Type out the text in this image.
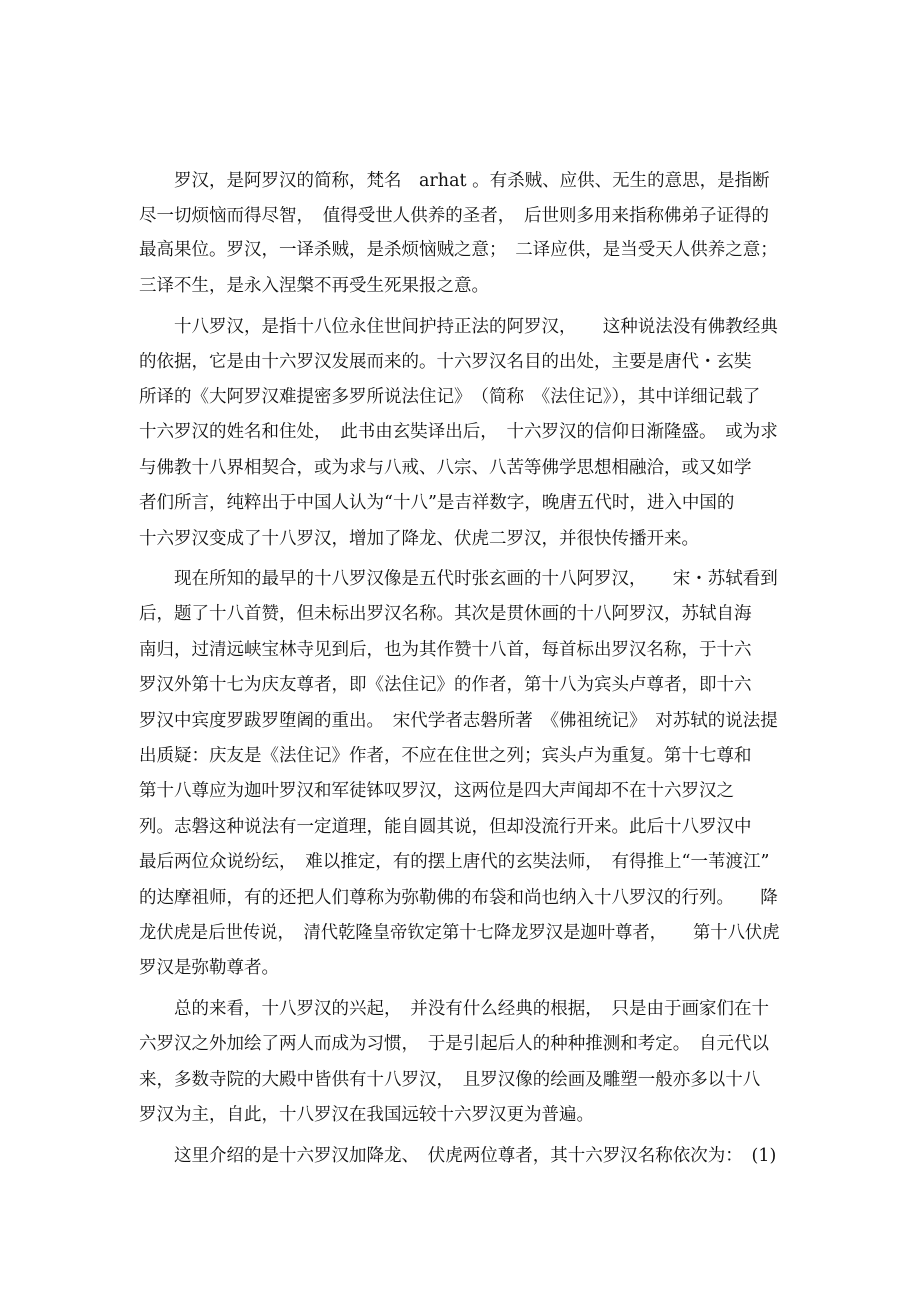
　　罗汉，是阿罗汉的简称，梵名　arhat 。有杀贼、应供、无生的意思，是指断
尽一切烦恼而得尽智，　值得受世人供养的圣者，　后世则多用来指称佛弟子证得的
最高果位。罗汉，一译杀贼，是杀烦恼贼之意；　二译应供，是当受天人供养之意；
三译不生，是永入涅槃不再受生死果报之意。
　　十八罗汉，是指十八位永住世间护持正法的阿罗汉，　　这种说法没有佛教经典
的依据，它是由十六罗汉发展而来的。十六罗汉名目的出处，主要是唐代・玄奘
所译的《大阿罗汉难提密多罗所说法住记》　（简称　《法住记》），其中详细记载了
十六罗汉的姓名和住处，　此书由玄奘译出后，　十六罗汉的信仰日渐隆盛。　或为求
与佛教十八界相契合，或为求与八戒、八宗、八苦等佛学思想相融洽，或又如学
者们所言，纯粹出于中国人认为“十八”是吉祥数字，晚唐五代时，进入中国的
十六罗汉变成了十八罗汉，增加了降龙、伏虎二罗汉，并很快传播开来。
　　现在所知的最早的十八罗汉像是五代时张玄画的十八阿罗汉，　　宋・苏轼看到
后，题了十八首赞，但未标出罗汉名称。其次是贯休画的十八阿罗汉，苏轼自海
南归，过清远峡宝林寺见到后，也为其作赞十八首，每首标出罗汉名称，于十六
罗汉外第十七为庆友尊者，即《法住记》的作者，第十八为宾头卢尊者，即十六
罗汉中宾度罗跋罗堕阇的重出。　宋代学者志磐所著　《佛祖统记》　对苏轼的说法提
出质疑：庆友是《法住记》作者，不应在住世之列；宾头卢为重复。第十七尊和
第十八尊应为迦叶罗汉和军徒钵叹罗汉，这两位是四大声闻却不在十六罗汉之
列。志磐这种说法有一定道理，能自圆其说，但却没流行开来。此后十八罗汉中
最后两位众说纷纭，　难以推定，有的摆上唐代的玄奘法师，　有得推上“一苇渡江”
的达摩祖师，有的还把人们尊称为弥勒佛的布袋和尚也纳入十八罗汉的行列。　　降
龙伏虎是后世传说，　清代乾隆皇帝钦定第十七降龙罗汉是迦叶尊者，　　第十八伏虎
罗汉是弥勒尊者。
　　总的来看，十八罗汉的兴起，　并没有什么经典的根据，　只是由于画家们在十
六罗汉之外加绘了两人而成为习惯，　于是引起后人的种种推测和考定。　自元代以
来，多数寺院的大殿中皆供有十八罗汉，　且罗汉像的绘画及雕塑一般亦多以十八
罗汉为主，自此，十八罗汉在我国远较十六罗汉更为普遍。
　　这里介绍的是十六罗汉加降龙、　伏虎两位尊者，其十六罗汉名称依次为：　(1)
